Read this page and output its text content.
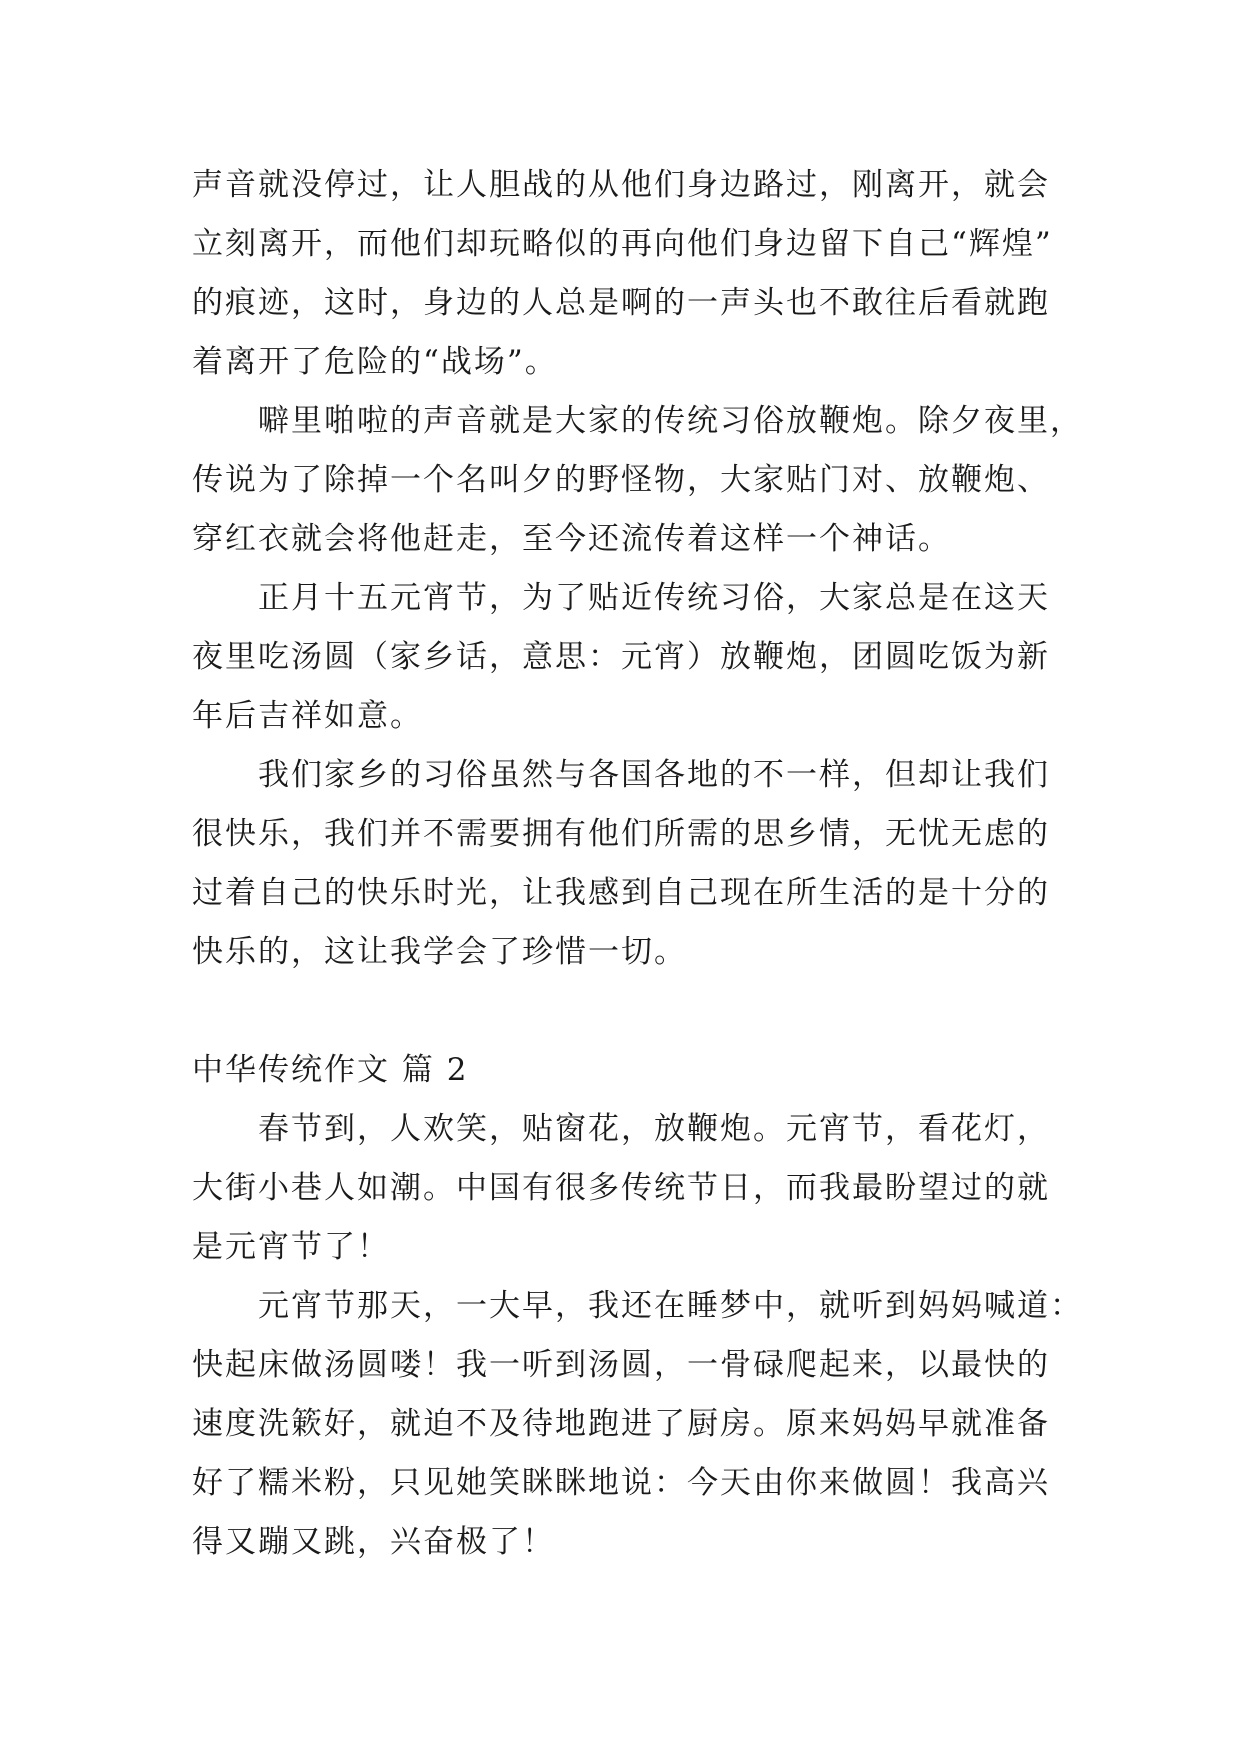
声音就没停过，让人胆战的从他们身边路过，刚离开，就会
立刻离开，而他们却玩略似的再向他们身边留下自己“辉煌”
的痕迹，这时，身边的人总是啊的一声头也不敢往后看就跑
着离开了危险的“战场”。
噼里啪啦的声音就是大家的传统习俗放鞭炮。除夕夜里，
传说为了除掉一个名叫夕的野怪物，大家贴门对、放鞭炮、
穿红衣就会将他赶走，至今还流传着这样一个神话。
正月十五元宵节，为了贴近传统习俗，大家总是在这天
夜里吃汤圆（家乡话，意思：元宵）放鞭炮，团圆吃饭为新
年后吉祥如意。
我们家乡的习俗虽然与各国各地的不一样，但却让我们
很快乐，我们并不需要拥有他们所需的思乡情，无忧无虑的
过着自己的快乐时光，让我感到自己现在所生活的是十分的
快乐的，这让我学会了珍惜一切。
中华传统作文 篇 2
春节到，人欢笑，贴窗花，放鞭炮。元宵节，看花灯，
大街小巷人如潮。中国有很多传统节日，而我最盼望过的就
是元宵节了！
元宵节那天，一大早，我还在睡梦中，就听到妈妈喊道：
快起床做汤圆喽！我一听到汤圆，一骨碌爬起来，以最快的
速度洗簌好，就迫不及待地跑进了厨房。原来妈妈早就准备
好了糯米粉，只见她笑眯眯地说：今天由你来做圆！我高兴
得又蹦又跳，兴奋极了！
